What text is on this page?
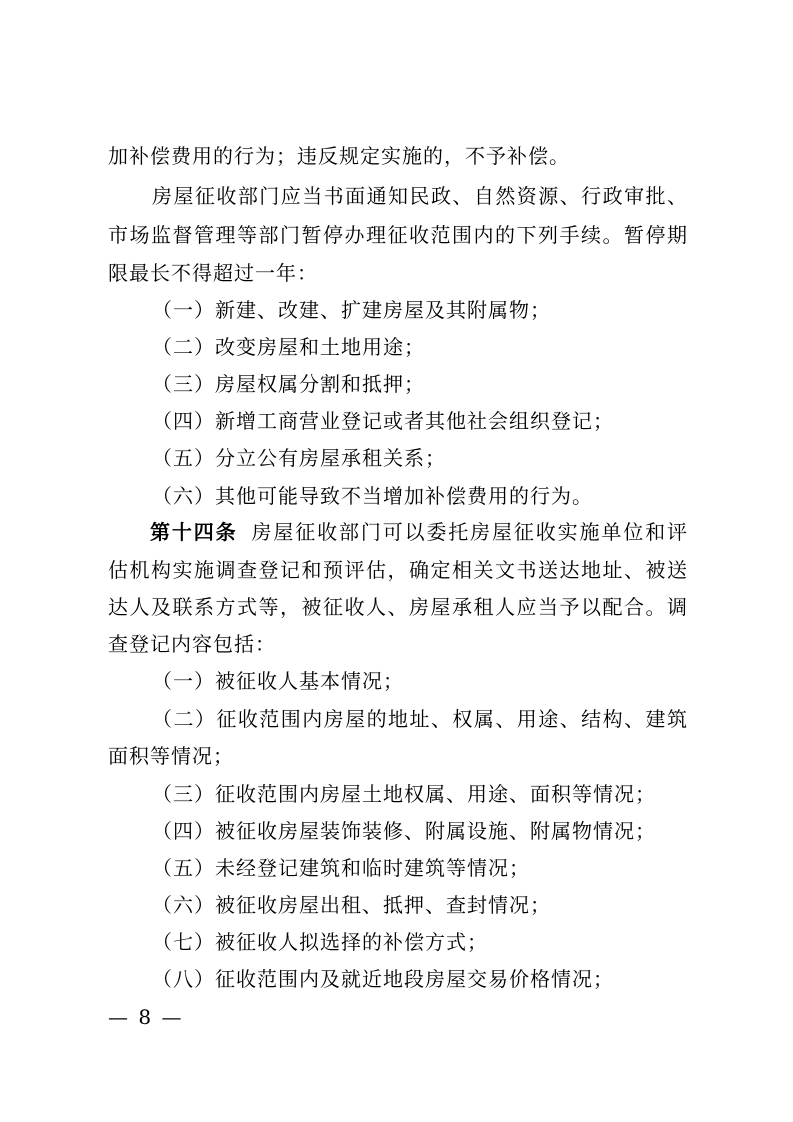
加补偿费用的行为；违反规定实施的，不予补偿。
房屋征收部门应当书面通知民政、自然资源、行政审批、
市场监督管理等部门暂停办理征收范围内的下列手续。暂停期
限最长不得超过一年：
（一）新建、改建、扩建房屋及其附属物；
（二）改变房屋和土地用途；
（三）房屋权属分割和抵押；
（四）新增工商营业登记或者其他社会组织登记；
（五）分立公有房屋承租关系；
（六）其他可能导致不当增加补偿费用的行为。
第十四条 房屋征收部门可以委托房屋征收实施单位和评
估机构实施调查登记和预评估，确定相关文书送达地址、被送
达人及联系方式等，被征收人、房屋承租人应当予以配合。调
查登记内容包括：
（一）被征收人基本情况；
（二）征收范围内房屋的地址、权属、用途、结构、建筑
面积等情况；
（三）征收范围内房屋土地权属、用途、面积等情况；
（四）被征收房屋装饰装修、附属设施、附属物情况；
（五）未经登记建筑和临时建筑等情况；
（六）被征收房屋出租、抵押、查封情况；
（七）被征收人拟选择的补偿方式；
（八）征收范围内及就近地段房屋交易价格情况；
— 8 —
